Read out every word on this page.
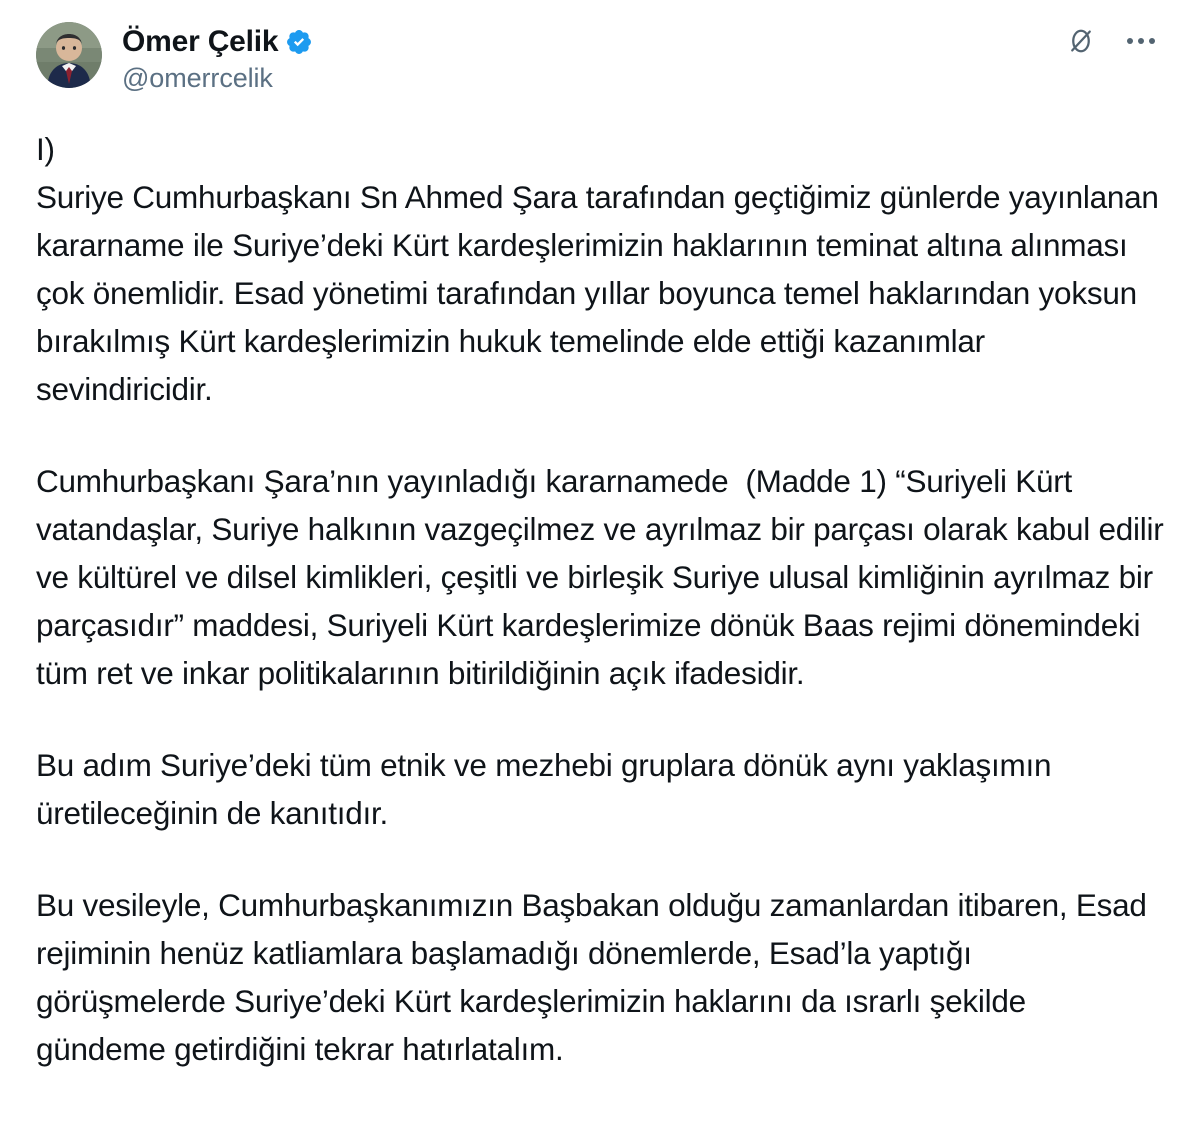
Ömer Çelik
@omerrcelik

I)

Suriye Cumhurbaşkanı Sn Ahmed Şara tarafından geçtiğimiz günlerde yayınlanan kararname ile Suriye’deki Kürt kardeşlerimizin haklarının teminat altına alınması çok önemlidir. Esad yönetimi tarafından yıllar boyunca temel haklarından yoksun bırakılmış Kürt kardeşlerimizin hukuk temelinde elde ettiği kazanımlar sevindiricidir.

Cumhurbaşkanı Şara’nın yayınladığı kararnamede  (Madde 1) “Suriyeli Kürt vatandaşlar, Suriye halkının vazgeçilmez ve ayrılmaz bir parçası olarak kabul edilir ve kültürel ve dilsel kimlikleri, çeşitli ve birleşik Suriye ulusal kimliğinin ayrılmaz bir parçasıdır” maddesi, Suriyeli Kürt kardeşlerimize dönük Baas rejimi dönemindeki tüm ret ve inkar politikalarının bitirildiğinin açık ifadesidir.

Bu adım Suriye’deki tüm etnik ve mezhebi gruplara dönük aynı yaklaşımın üretileceğinin de kanıtıdır.

Bu vesileyle, Cumhurbaşkanımızın Başbakan olduğu zamanlardan itibaren, Esad rejiminin henüz katliamlara başlamadığı dönemlerde, Esad’la yaptığı görüşmelerde Suriye’deki Kürt kardeşlerimizin haklarını da ısrarlı şekilde gündeme getirdiğini tekrar hatırlatalım.
